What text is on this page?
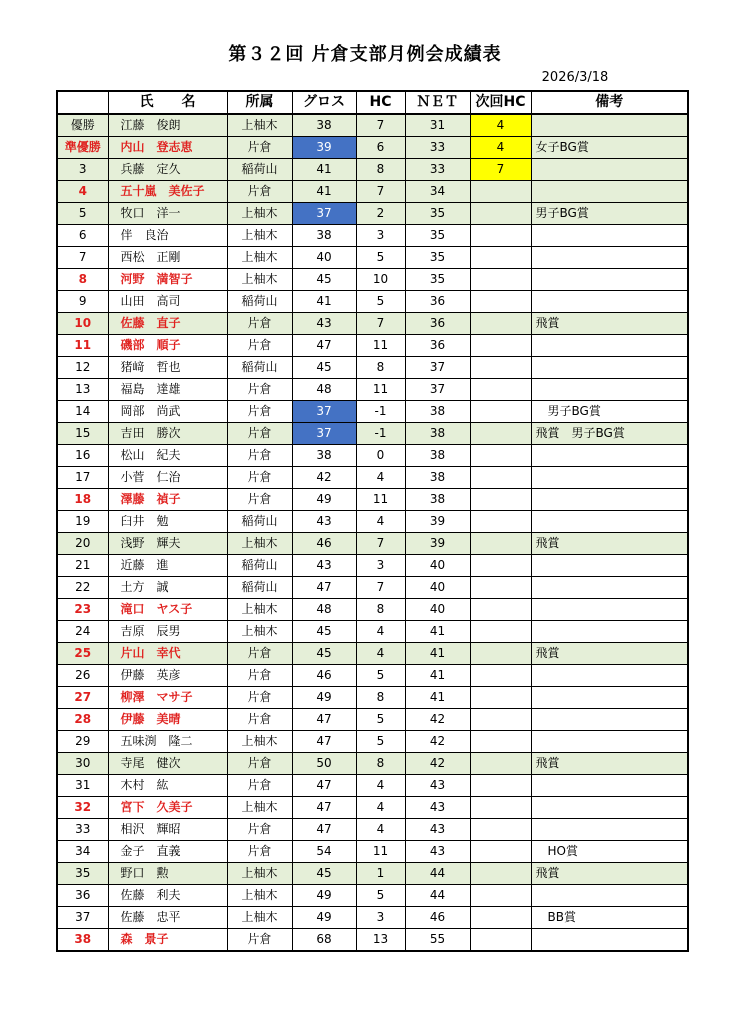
第３２回 片倉支部月例会成績表
2026/3/18
	氏　　名	所属	グロス	HC	ＮＥＴ	次回HC	備考
優勝	江藤　俊朗	上柚木	38	7	31	4	
準優勝	内山　登志恵	片倉	39	6	33	4	女子BG賞
3	兵藤　定久	稲荷山	41	8	33	7	
4	五十嵐　美佐子	片倉	41	7	34		
5	牧口　洋一	上柚木	37	2	35		男子BG賞
6	伴　良治	上柚木	38	3	35		
7	西松　正剛	上柚木	40	5	35		
8	河野　満智子	上柚木	45	10	35		
9	山田　高司	稲荷山	41	5	36		
10	佐藤　直子	片倉	43	7	36		飛賞
11	磯部　順子	片倉	47	11	36		
12	猪﨑　哲也	稲荷山	45	8	37		
13	福島　達雄	片倉	48	11	37		
14	岡部　尚武	片倉	37	-1	38		　男子BG賞
15	吉田　勝次	片倉	37	-1	38		飛賞　男子BG賞
16	松山　紀夫	片倉	38	0	38		
17	小菅　仁治	片倉	42	4	38		
18	澤藤　禎子	片倉	49	11	38		
19	臼井　勉	稲荷山	43	4	39		
20	浅野　輝夫	上柚木	46	7	39		飛賞
21	近藤　進	稲荷山	43	3	40		
22	土方　誠	稲荷山	47	7	40		
23	滝口　ヤス子	上柚木	48	8	40		
24	吉原　辰男	上柚木	45	4	41		
25	片山　幸代	片倉	45	4	41		飛賞
26	伊藤　英彦	片倉	46	5	41		
27	柳澤　マサ子	片倉	49	8	41		
28	伊藤　美晴	片倉	47	5	42		
29	五味渕　隆二	上柚木	47	5	42		
30	寺尾　健次	片倉	50	8	42		飛賞
31	木村　紘	片倉	47	4	43		
32	宮下　久美子	上柚木	47	4	43		
33	相沢　輝昭	片倉	47	4	43		
34	金子　直義	片倉	54	11	43		　HO賞
35	野口　勲	上柚木	45	1	44		飛賞
36	佐藤　利夫	上柚木	49	5	44		
37	佐藤　忠平	上柚木	49	3	46		　BB賞
38	森　景子	片倉	68	13	55		
